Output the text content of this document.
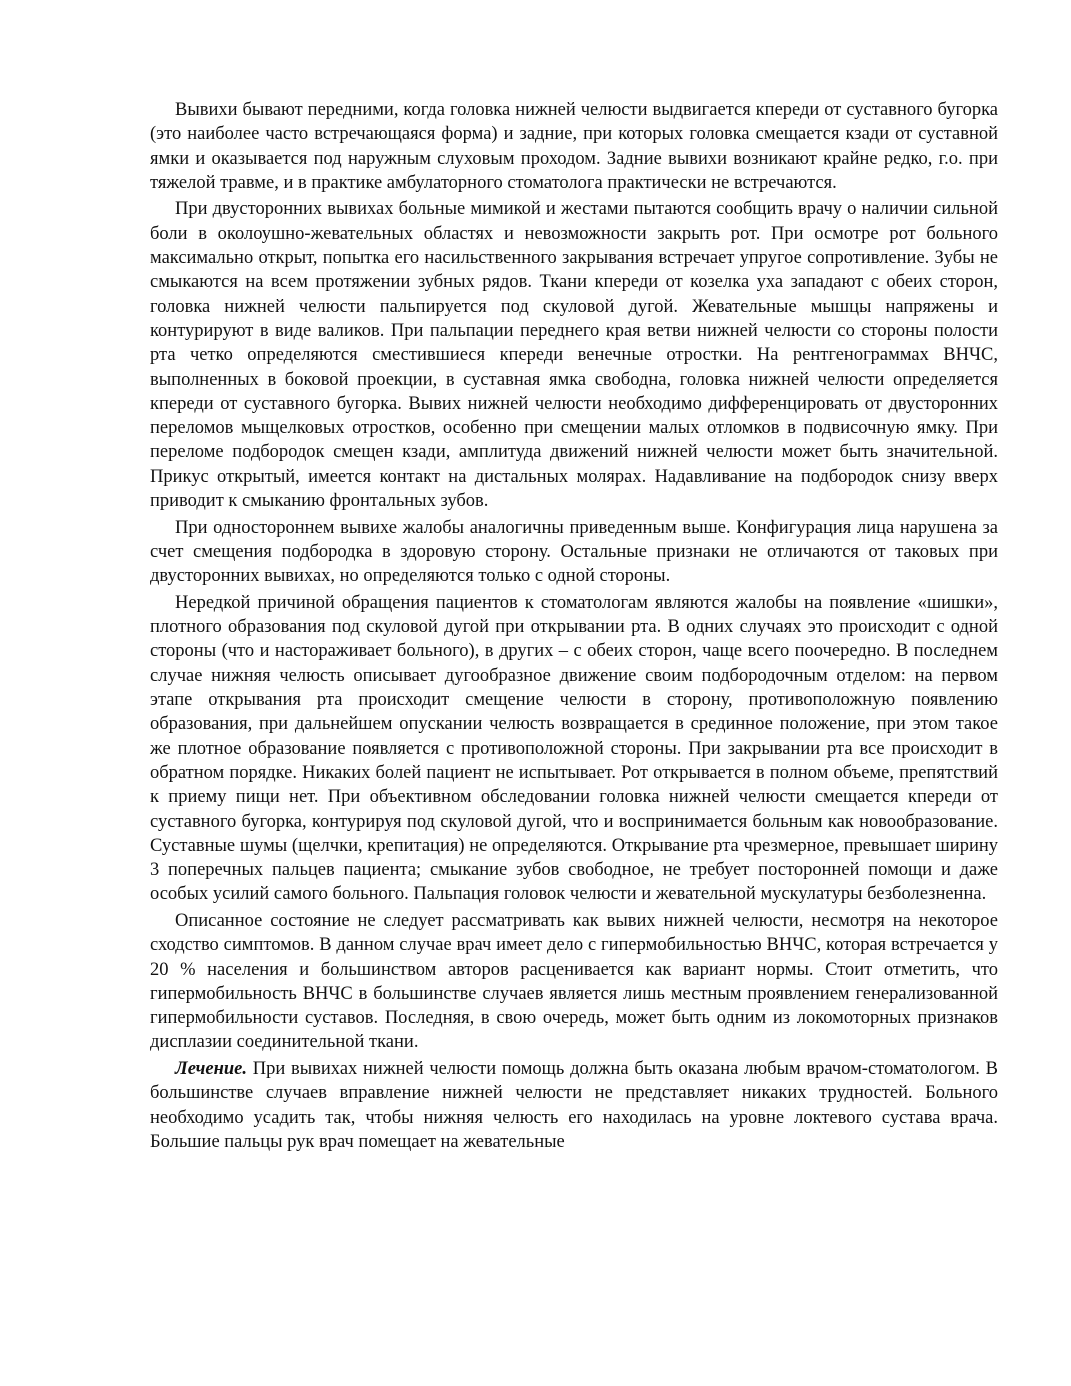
Вывихи бывают передними, когда головка нижней челюсти выдвигается кпереди от суставного бугорка (это наиболее часто встречающаяся форма) и задние, при которых головка смещается кзади от суставной ямки и оказывается под наружным слуховым проходом. Задние вывихи возникают крайне редко, г.о. при тяжелой травме, и в практике амбулаторного стоматолога практически не встречаются.

При двусторонних вывихах больные мимикой и жестами пытаются сообщить врачу о наличии сильной боли в околоушно-жевательных областях и невозможности закрыть рот. При осмотре рот больного максимально открыт, попытка его насильственного закрывания встречает упругое сопротивление. Зубы не смыкаются на всем протяжении зубных рядов. Ткани кпереди от козелка уха западают с обеих сторон, головка нижней челюсти пальпируется под скуловой дугой. Жевательные мышцы напряжены и контурируют в виде валиков. При пальпации переднего края ветви нижней челюсти со стороны полости рта четко определяются сместившиеся кпереди венечные отростки. На рентгенограммах ВНЧС, выполненных в боковой проекции, в суставная ямка свободна, головка нижней челюсти определяется кпереди от суставного бугорка. Вывих нижней челюсти необходимо дифференцировать от двусторонних переломов мыщелковых отростков, особенно при смещении малых отломков в подвисочную ямку. При переломе подбородок смещен кзади, амплитуда движений нижней челюсти может быть значительной. Прикус открытый, имеется контакт на дистальных молярах. Надавливание на подбородок снизу вверх приводит к смыканию фронтальных зубов.

При одностороннем вывихе жалобы аналогичны приведенным выше. Конфигурация лица нарушена за счет смещения подбородка в здоровую сторону. Остальные признаки не отличаются от таковых при двусторонних вывихах, но определяются только с одной стороны.

Нередкой причиной обращения пациентов к стоматологам являются жалобы на появление «шишки», плотного образования под скуловой дугой при открывании рта. В одних случаях это происходит с одной стороны (что и настораживает больного), в других – с обеих сторон, чаще всего поочередно. В последнем случае нижняя челюсть описывает дугообразное движение своим подбородочным отделом: на первом этапе открывания рта происходит смещение челюсти в сторону, противоположную появлению образования, при дальнейшем опускании челюсть возвращается в срединное положение, при этом такое же плотное образование появляется с противоположной стороны. При закрывании рта все происходит в обратном порядке. Никаких болей пациент не испытывает. Рот открывается в полном объеме, препятствий к приему пищи нет. При объективном обследовании головка нижней челюсти смещается кпереди от суставного бугорка, контурируя под скуловой дугой, что и воспринимается больным как новообразование. Суставные шумы (щелчки, крепитация) не определяются. Открывание рта чрезмерное, превышает ширину 3 поперечных пальцев пациента; смыкание зубов свободное, не требует посторонней помощи и даже особых усилий самого больного. Пальпация головок челюсти и жевательной мускулатуры безболезненна.

Описанное состояние не следует рассматривать как вывих нижней челюсти, несмотря на некоторое сходство симптомов. В данном случае врач имеет дело с гипермобильностью ВНЧС, которая встречается у 20 % населения и большинством авторов расценивается как вариант нормы. Стоит отметить, что гипермобильность ВНЧС в большинстве случаев является лишь местным проявлением генерализованной гипермобильности суставов. Последняя, в свою очередь, может быть одним из локомоторных признаков дисплазии соединительной ткани.

Лечение. При вывихах нижней челюсти помощь должна быть оказана любым врачом-стоматологом. В большинстве случаев вправление нижней челюсти не представляет никаких трудностей. Больного необходимо усадить так, чтобы нижняя челюсть его находилась на уровне локтевого сустава врача. Большие пальцы рук врач помещает на жевательные
